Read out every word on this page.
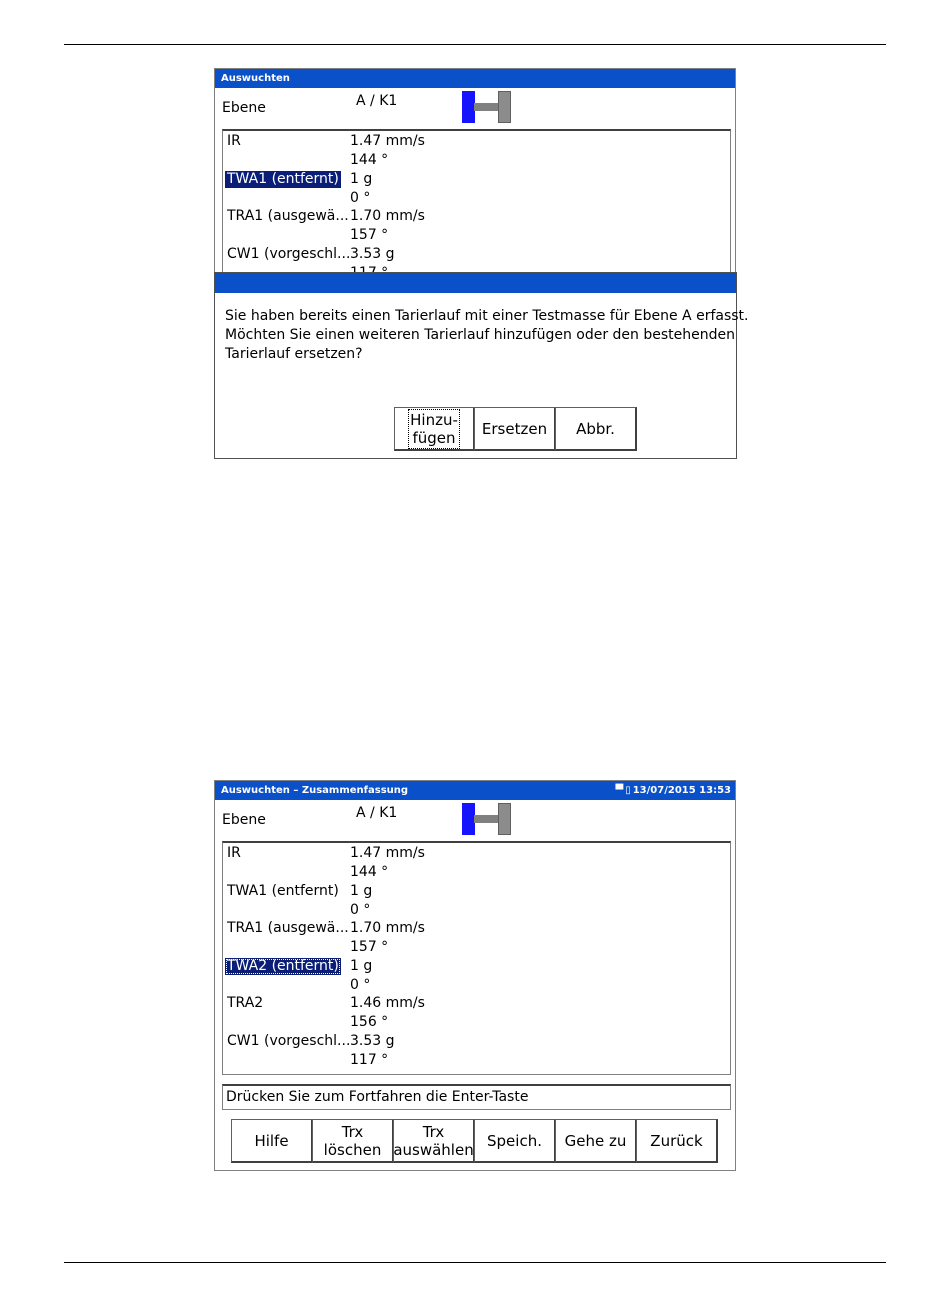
Auswuchten
Ebene	A / K1
IR	1.47 mm/s
144 °
TWA1 (entfernt) 1 g
0 °
TRA1 (ausgewä... 1.70 mm/s
157 °
CW1 (vorgeschl... 3.53 g
Sie haben bereits einen Tarierlauf mit einer Testmasse für Ebene A erfasst.
Möchten Sie einen weiteren Tarierlauf hinzufügen oder den bestehenden
Tarierlauf ersetzen?
Hinzu-
fügen Ersetzen Abbr.
Auswuchten – Zusammenfassung	▀ ▯ 13/07/2015 13:53
Ebene	A / K1
IR	1.47 mm/s
144 °
TWA1 (entfernt) 1 g
0 °
TRA1 (ausgewä... 1.70 mm/s
157 °
TWA2 (entfernt) 1 g
0 °
TRA2	1.46 mm/s
156 °
CW1 (vorgeschl... 3.53 g
117 °
Drücken Sie zum Fortfahren die Enter-Taste
Hilfe	Trx
löschen
Trx
auswählen Speich. Gehe zu Zurück
